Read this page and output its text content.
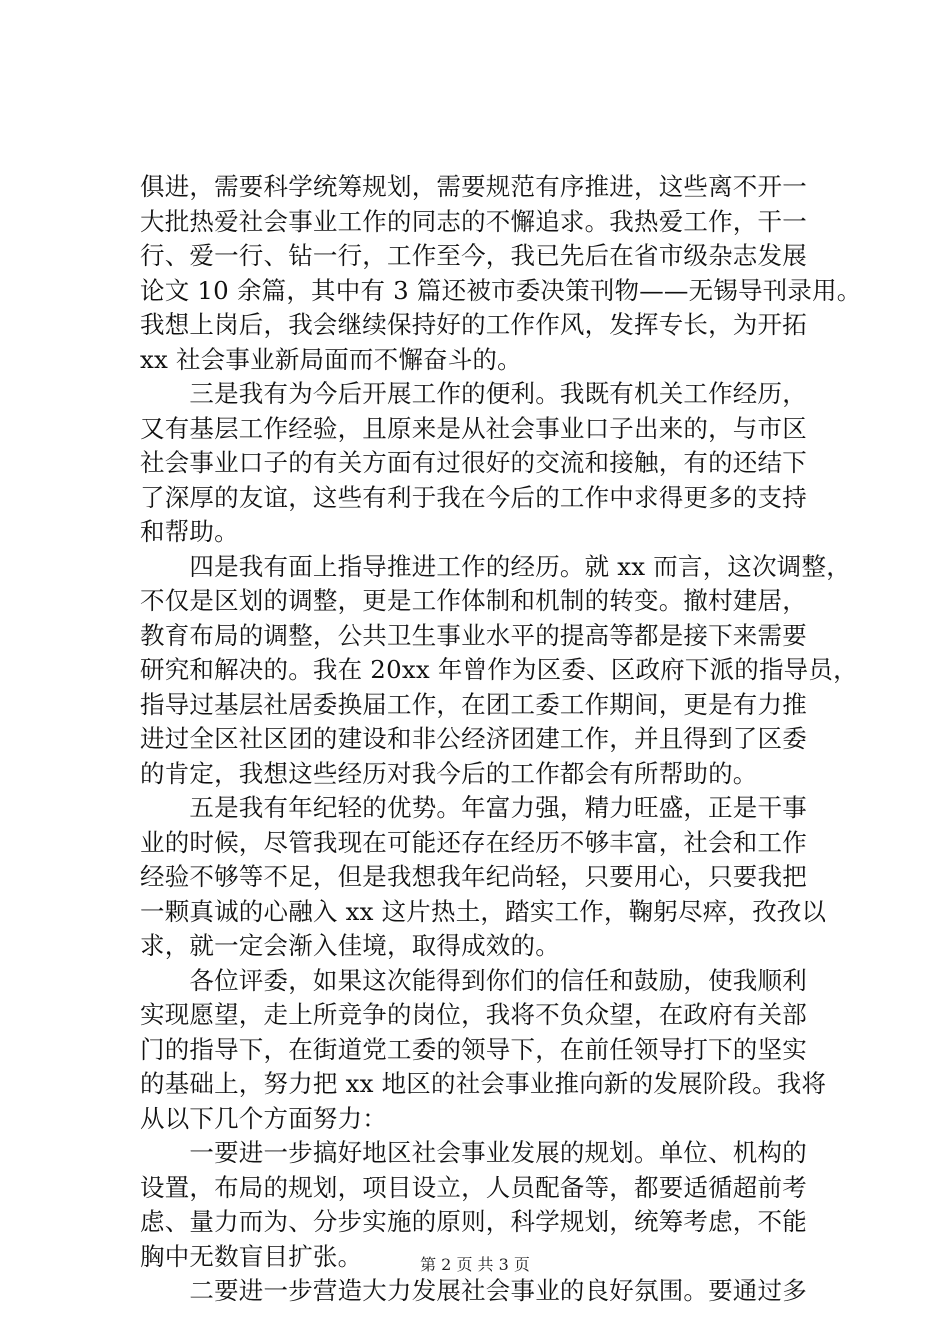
俱进，需要科学统筹规划，需要规范有序推进，这些离不开一
大批热爱社会事业工作的同志的不懈追求。我热爱工作，干一
行、爱一行、钻一行，工作至今，我已先后在省市级杂志发展
论文 10 余篇，其中有 3 篇还被市委决策刊物——无锡导刊录用。
我想上岗后，我会继续保持好的工作作风，发挥专长，为开拓
xx 社会事业新局面而不懈奋斗的。
　　三是我有为今后开展工作的便利。我既有机关工作经历，
又有基层工作经验，且原来是从社会事业口子出来的，与市区
社会事业口子的有关方面有过很好的交流和接触，有的还结下
了深厚的友谊，这些有利于我在今后的工作中求得更多的支持
和帮助。
　　四是我有面上指导推进工作的经历。就 xx 而言，这次调整，
不仅是区划的调整，更是工作体制和机制的转变。撤村建居，
教育布局的调整，公共卫生事业水平的提高等都是接下来需要
研究和解决的。我在 20xx 年曾作为区委、区政府下派的指导员，
指导过基层社居委换届工作，在团工委工作期间，更是有力推
进过全区社区团的建设和非公经济团建工作，并且得到了区委
的肯定，我想这些经历对我今后的工作都会有所帮助的。
　　五是我有年纪轻的优势。年富力强，精力旺盛，正是干事
业的时候，尽管我现在可能还存在经历不够丰富，社会和工作
经验不够等不足，但是我想我年纪尚轻，只要用心，只要我把
一颗真诚的心融入 xx 这片热土，踏实工作，鞠躬尽瘁，孜孜以
求，就一定会渐入佳境，取得成效的。
　　各位评委，如果这次能得到你们的信任和鼓励，使我顺利
实现愿望，走上所竞争的岗位，我将不负众望，在政府有关部
门的指导下，在街道党工委的领导下，在前任领导打下的坚实
的基础上，努力把 xx 地区的社会事业推向新的发展阶段。我将
从以下几个方面努力：
　　一要进一步搞好地区社会事业发展的规划。单位、机构的
设置，布局的规划，项目设立，人员配备等，都要适循超前考
虑、量力而为、分步实施的原则，科学规划，统筹考虑，不能
胸中无数盲目扩张。
　　二要进一步营造大力发展社会事业的良好氛围。要通过多
第 2 页 共 3 页
